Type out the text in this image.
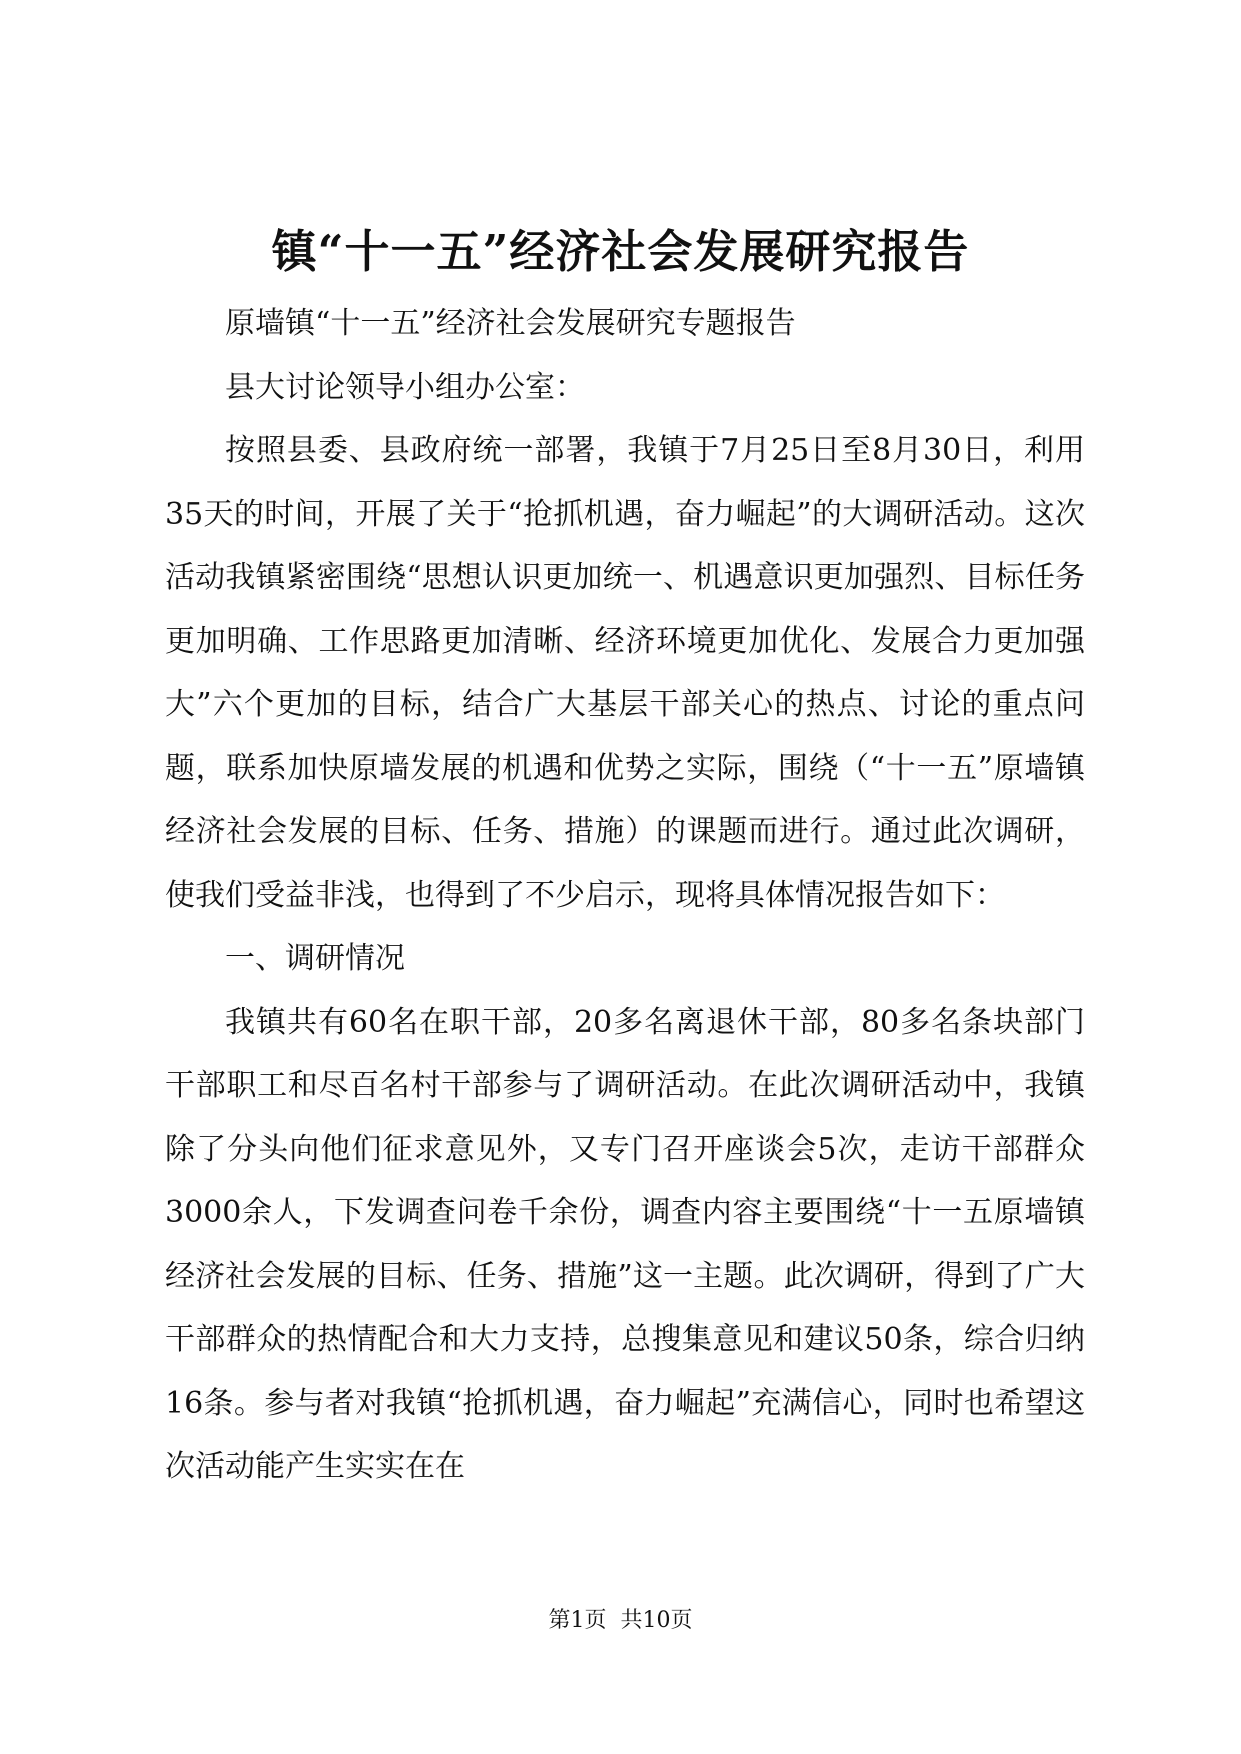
镇“十一五”经济社会发展研究报告

原墙镇“十一五”经济社会发展研究专题报告

县大讨论领导小组办公室：

按照县委、县政府统一部署，我镇于7月25日至8月30日，利用35天的时间，开展了关于“抢抓机遇，奋力崛起”的大调研活动。这次活动我镇紧密围绕“思想认识更加统一、机遇意识更加强烈、目标任务更加明确、工作思路更加清晰、经济环境更加优化、发展合力更加强大”六个更加的目标，结合广大基层干部关心的热点、讨论的重点问题，联系加快原墙发展的机遇和优势之实际，围绕（“十一五”原墙镇经济社会发展的目标、任务、措施）的课题而进行。通过此次调研，使我们受益非浅，也得到了不少启示，现将具体情况报告如下：

一、调研情况

我镇共有60名在职干部，20多名离退休干部，80多名条块部门干部职工和尽百名村干部参与了调研活动。在此次调研活动中，我镇除了分头向他们征求意见外，又专门召开座谈会5次，走访干部群众3000余人，下发调查问卷千余份，调查内容主要围绕“十一五原墙镇经济社会发展的目标、任务、措施”这一主题。此次调研，得到了广大干部群众的热情配合和大力支持，总搜集意见和建议50条，综合归纳16条。参与者对我镇“抢抓机遇，奋力崛起”充满信心，同时也希望这次活动能产生实实在在

第1页  共10页
